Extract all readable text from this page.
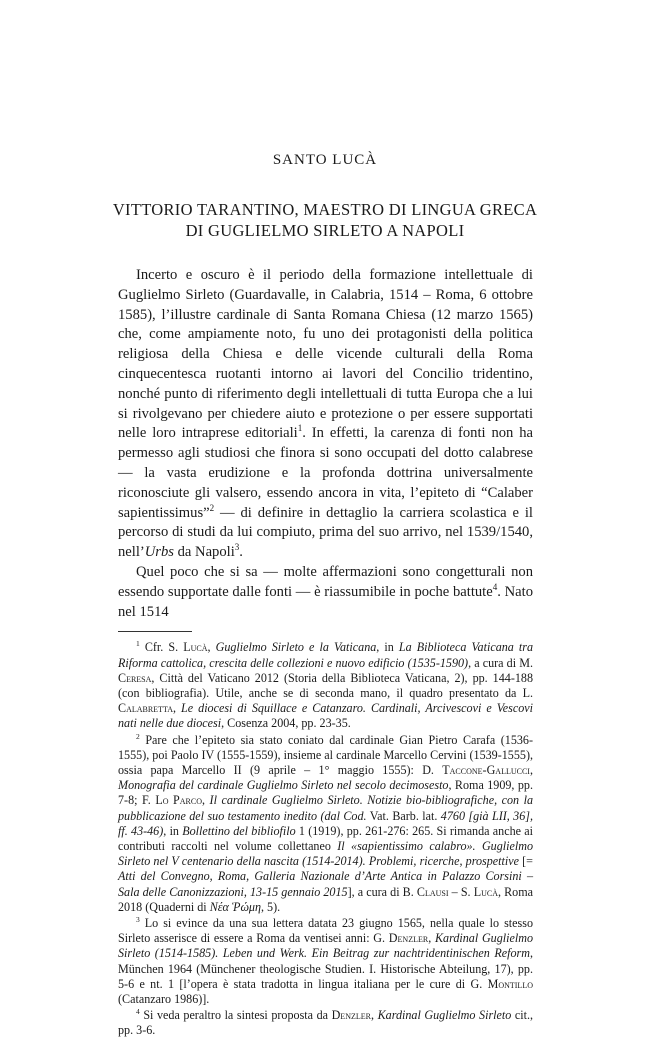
SANTO LUCÀ
VITTORIO TARANTINO, MAESTRO DI LINGUA GRECA
DI GUGLIELMO SIRLETO A NAPOLI

Incerto e oscuro è il periodo della formazione intellettuale di Guglielmo Sirleto (Guardavalle, in Calabria, 1514 – Roma, 6 ottobre 1585), l’illustre cardinale di Santa Romana Chiesa (12 marzo 1565) che, come ampiamente noto, fu uno dei protagonisti della politica religiosa della Chiesa e delle vicende culturali della Roma cinquecentesca ruotanti intorno ai lavori del Concilio tridentino, nonché punto di riferimento degli intellettuali di tutta Europa che a lui si rivolgevano per chiedere aiuto e protezione o per essere supportati nelle loro intraprese editoriali$^1$. In effetti, la carenza di fonti non ha permesso agli studiosi che finora si sono occupati del dotto calabrese — la vasta erudizione e la profonda dottrina universalmente riconosciute gli valsero, essendo ancora in vita, l’epiteto di “Calaber sapientissimus”$^2$ — di definire in dettaglio la carriera scolastica e il percorso di studi da lui compiuto, prima del suo arrivo, nel 1539/1540, nell’Urbs da Napoli$^3$.

Quel poco che si sa — molte affermazioni sono congetturali non essendo supportate dalle fonti — è riassumibile in poche battute$^4$. Nato nel 1514

$^1$ Cfr. S. Lucà, Guglielmo Sirleto e la Vaticana, in La Biblioteca Vaticana tra Riforma cattolica, crescita delle collezioni e nuovo edificio (1535-1590), a cura di M. Ceresa, Città del Vaticano 2012 (Storia della Biblioteca Vaticana, 2), pp. 144-188 (con bibliografia). Utile, anche se di seconda mano, il quadro presentato da L. Calabretta, Le diocesi di Squillace e Catanzaro. Cardinali, Arcivescovi e Vescovi nati nelle due diocesi, Cosenza 2004, pp. 23-35.

$^2$ Pare che l’epiteto sia stato coniato dal cardinale Gian Pietro Carafa (1536-1555), poi Paolo IV (1555-1559), insieme al cardinale Marcello Cervini (1539-1555), ossia papa Marcello II (9 aprile – 1° maggio 1555): D. Taccone-Gallucci, Monografia del cardinale Guglielmo Sirleto nel secolo decimosesto, Roma 1909, pp. 7-8; F. Lo Parco, Il cardinale Guglielmo Sirleto. Notizie bio-bibliografiche, con la pubblicazione del suo testamento inedito (dal Cod. Vat. Barb. lat. 4760 [già LII, 36], ff. 43-46), in Bollettino del bibliofilo 1 (1919), pp. 261-276: 265. Si rimanda anche ai contributi raccolti nel volume collettaneo Il «sapientissimo calabro». Guglielmo Sirleto nel V centenario della nascita (1514-2014). Problemi, ricerche, prospettive [= Atti del Convegno, Roma, Galleria Nazionale d’Arte Antica in Palazzo Corsini – Sala delle Canonizzazioni, 13-15 gennaio 2015], a cura di B. Clausi – S. Lucà, Roma 2018 (Quaderni di Νέα Ῥώμη, 5).

$^3$ Lo si evince da una sua lettera datata 23 giugno 1565, nella quale lo stesso Sirleto asserisce di essere a Roma da ventisei anni: G. Denzler, Kardinal Guglielmo Sirleto (1514-1585). Leben und Werk. Ein Beitrag zur nachtridentinischen Reform, München 1964 (Münchener theologische Studien. I. Historische Abteilung, 17), pp. 5-6 e nt. 1 [l’opera è stata tradotta in lingua italiana per le cure di G. Montillo (Catanzaro 1986)].

$^4$ Si veda peraltro la sintesi proposta da Denzler, Kardinal Guglielmo Sirleto cit., pp. 3-6.
